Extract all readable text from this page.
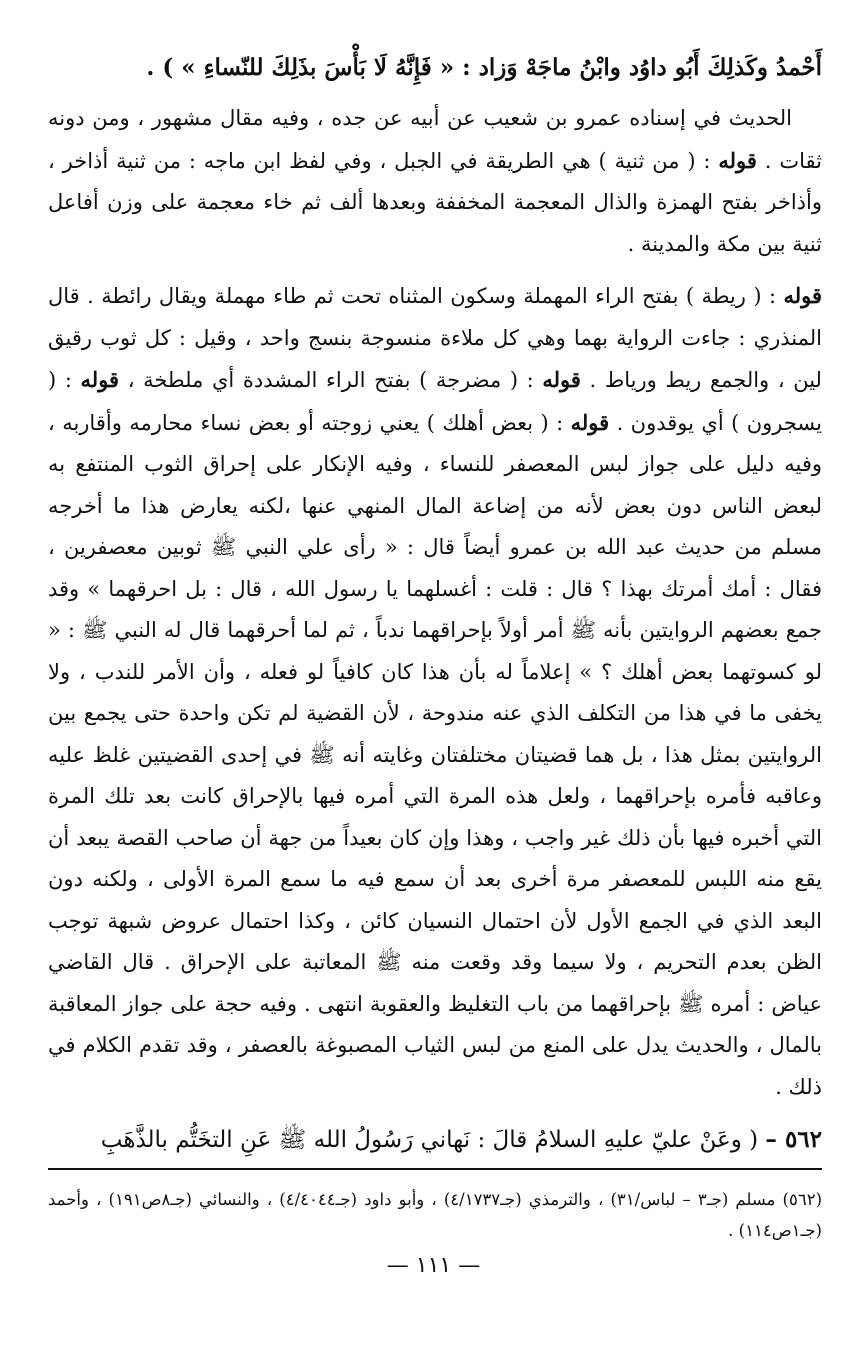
أَحْمدُ وكَذلِكَ أَبُو داوُد وابْنُ ماجَهْ وَزاد : « فَإِنَّهُ لَا بَأْسَ بذَلِكَ للنّساءِ » ) .

الحديث في إسناده عمرو بن شعيب عن أبيه عن جده ، وفيه مقال مشهور ، ومن دونه ثقات . قوله : ( من ثنية ) هي الطريقة في الجبل ، وفي لفظ ابن ماجه : من ثنية أذاخر ، وأذاخر بفتح الهمزة والذال المعجمة المخففة وبعدها ألف ثم خاء معجمة على وزن أفاعل ثنية بين مكة والمدينة .

قوله : ( ريطة ) بفتح الراء المهملة وسكون المثناه تحت ثم طاء مهملة ويقال رائطة . قال المنذري : جاءت الرواية بهما وهي كل ملاءة منسوجة بنسج واحد ، وقيل : كل ثوب رقيق لين ، والجمع ريط ورياط . قوله : ( مضرجة ) بفتح الراء المشددة أي ملطخة ، قوله : ( يسجرون ) أي يوقدون . قوله : ( بعض أهلك ) يعني زوجته أو بعض نساء محارمه وأقاربه ، وفيه دليل على جواز لبس المعصفر للنساء ، وفيه الإنكار على إحراق الثوب المنتفع به لبعض الناس دون بعض لأنه من إضاعة المال المنهي عنها ،لكنه يعارض هذا ما أخرجه مسلم من حديث عبد الله بن عمرو أيضاً قال : « رأى علي النبي ﷺ ثوبين معصفرين ، فقال : أمك أمرتك بهذا ؟ قال : قلت : أغسلهما يا رسول الله ، قال : بل احرقهما » وقد جمع بعضهم الروايتين بأنه ﷺ أمر أولاً بإحراقهما ندباً ، ثم لما أحرقهما قال له النبي ﷺ : « لو كسوتهما بعض أهلك ؟ » إعلاماً له بأن هذا كان كافياً لو فعله ، وأن الأمر للندب ، ولا يخفى ما في هذا من التكلف الذي عنه مندوحة ، لأن القضية لم تكن واحدة حتى يجمع بين الروايتين بمثل هذا ، بل هما قضيتان مختلفتان وغايته أنه ﷺ في إحدى القضيتين غلظ عليه وعاقبه فأمره بإحراقهما ، ولعل هذه المرة التي أمره فيها بالإحراق كانت بعد تلك المرة التي أخبره فيها بأن ذلك غير واجب ، وهذا وإن كان بعيداً من جهة أن صاحب القصة يبعد أن يقع منه اللبس للمعصفر مرة أخرى بعد أن سمع فيه ما سمع المرة الأولى ، ولكنه دون البعد الذي في الجمع الأول لأن احتمال النسيان كائن ، وكذا احتمال عروض شبهة توجب الظن بعدم التحريم ، ولا سيما وقد وقعت منه ﷺ المعاتبة على الإحراق . قال القاضي عياض : أمره ﷺ بإحراقهما من باب التغليظ والعقوبة انتهى . وفيه حجة على جواز المعاقبة بالمال ، والحديث يدل على المنع من لبس الثياب المصبوغة بالعصفر ، وقد تقدم الكلام في ذلك .

٥٦٢ – ( وعَنْ عليّ عليهِ السلامُ قالَ : نَهاني رَسُولُ الله ﷺ عَنِ التخَتُّم بالذَّهَبِ
(٥٦٢) مسلم (جـ٣ – لباس/٣١) ، والترمذي (جـ٤/١٧٣٧) ، وأبو داود (جـ٤/٤٠٤٤) ، والنسائي (جـ٨ص١٩١) ، وأحمد (جـ١ص١١٤) .
— ١١١ —
